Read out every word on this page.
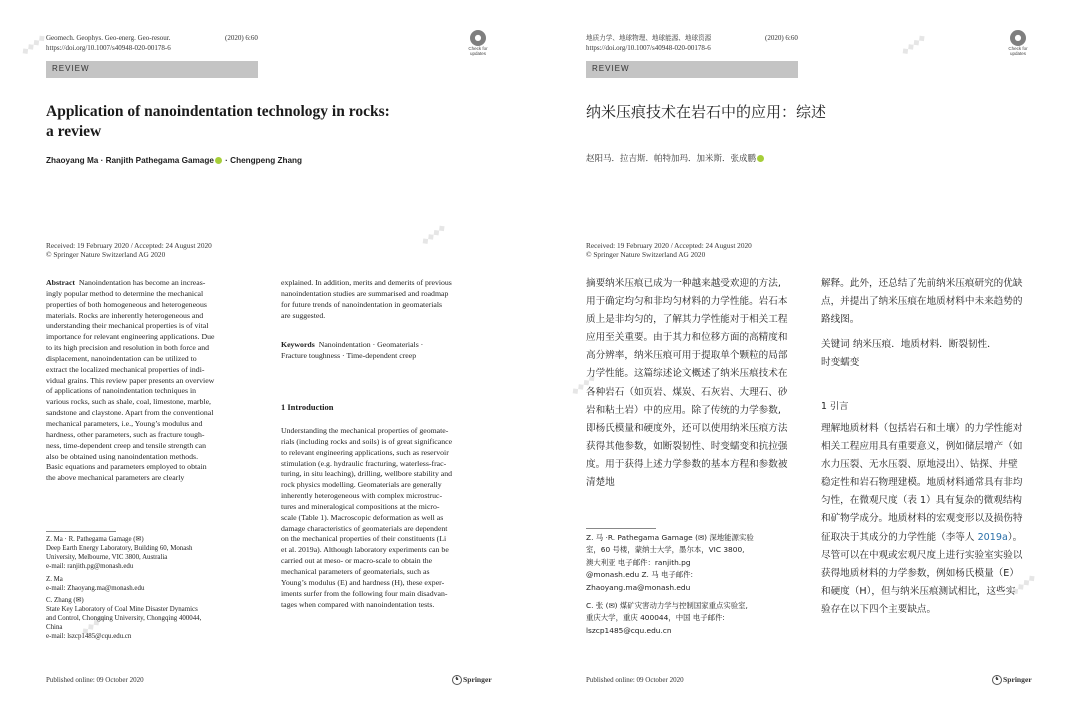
◆◆◆◆
◆◆◆◆
◆◆◆◆
Geomech. Geophys. Geo-energ. Geo-resour.	(2020) 6:60
https://doi.org/10.1007/s40948-020-00178-6
●
Check for
updates
REVIEW
Application of nanoindentation technology in rocks:
a review
Zhaoyang Ma · Ranjith Pathegama Gamage · Chengpeng Zhang
Received: 19 February 2020 / Accepted: 24 August 2020
© Springer Nature Switzerland AG 2020
Abstract Nanoindentation has become an increas-
ingly popular method to determine the mechanical
properties of both homogeneous and heterogeneous
materials. Rocks are inherently heterogeneous and
understanding their mechanical properties is of vital
importance for relevant engineering applications. Due
to its high precision and resolution in both force and
displacement, nanoindentation can be utilized to
extract the localized mechanical properties of indi-
vidual grains. This review paper presents an overview
of applications of nanoindentation techniques in
various rocks, such as shale, coal, limestone, marble,
sandstone and claystone. Apart from the conventional
mechanical parameters, i.e., Young’s modulus and
hardness, other parameters, such as fracture tough-
ness, time-dependent creep and tensile strength can
also be obtained using nanoindentation methods.
Basic equations and parameters employed to obtain
the above mechanical parameters are clearly
explained. In addition, merits and demerits of previous
nanoindentation studies are summarised and roadmap
for future trends of nanoindentation in geomaterials
are suggested.
Keywords Nanoindentation · Geomaterials ·
Fracture toughness · Time-dependent creep
1 Introduction
Understanding the mechanical properties of geomate-
rials (including rocks and soils) is of great significance
to relevant engineering applications, such as reservoir
stimulation (e.g. hydraulic fracturing, waterless-frac-
turing, in situ leaching), drilling, wellbore stability and
rock physics modelling. Geomaterials are generally
inherently heterogeneous with complex microstruc-
tures and mineralogical compositions at the micro-
scale (Table 1). Macroscopic deformation as well as
damage characteristics of geomaterials are dependent
on the mechanical properties of their constituents (Li
et al. 2019a). Although laboratory experiments can be
carried out at meso- or macro-scale to obtain the
mechanical parameters of geomaterials, such as
Young’s modulus (E) and hardness (H), these exper-
iments surfer from the following four main disadvan-
tages when compared with nanoindentation tests.
Z. Ma · R. Pathegama Gamage (✉)
Deep Earth Energy Laboratory, Building 60, Monash
University, Melbourne, VIC 3800, Australia
e-mail: ranjith.pg@monash.edu
Z. Ma
e-mail: Zhaoyang.ma@monash.edu
C. Zhang (✉)
State Key Laboratory of Coal Mine Disaster Dynamics
and Control, Chongqing University, Chongqing 400044,
China
e-mail: lszcp1485@cqu.edu.cn
Published online: 09 October 2020	♞ Springer
◆◆◆◆
◆◆◆◆
◆◆◆◆
地质力学、地球物理、地球能源、地球资源	(2020) 6:60
https://doi.org/10.1007/s40948-020-00178-6
●
Check for
updates
REVIEW
纳米压痕技术在岩石中的应用：综述
赵阳马．拉吉斯．帕特加玛．加米斯．张成鹏
Received: 19 February 2020 / Accepted: 24 August 2020
© Springer Nature Switzerland AG 2020
摘要纳米压痕已成为一种越来越受欢迎的方法,
用于确定均匀和非均匀材料的力学性能。岩石本
质上是非均匀的，了解其力学性能对于相关工程
应用至关重要。由于其力和位移方面的高精度和
高分辨率，纳米压痕可用于提取单个颗粒的局部
力学性能。这篇综述论文概述了纳米压痕技术在
各种岩石（如页岩、煤炭、石灰岩、大理石、砂
岩和粘土岩）中的应用。除了传统的力学参数,
即杨氏模量和硬度外，还可以使用纳米压痕方法
获得其他参数，如断裂韧性、时变蠕变和抗拉强
度。用于获得上述力学参数的基本方程和参数被
清楚地
解释。此外，还总结了先前纳米压痕研究的优缺
点，并提出了纳米压痕在地质材料中未来趋势的
路线图。
关键词 纳米压痕．地质材料．断裂韧性．
时变蠕变
1 引言
理解地质材料（包括岩石和土壤）的力学性能对
相关工程应用具有重要意义，例如储层增产（如
水力压裂、无水压裂、原地浸出）、钻探、井壁
稳定性和岩石物理建模。地质材料通常具有非均
匀性，在微观尺度（表 1）具有复杂的微观结构
和矿物学成分。地质材料的宏观变形以及损伤特
征取决于其成分的力学性能（李等人 2019a）。
尽管可以在中观或宏观尺度上进行实验室实验以
获得地质材料的力学参数，例如杨氏模量（E）
和硬度（H），但与纳米压痕测试相比，这些实
验存在以下四个主要缺点。
Z. 马 ·R. Pathegama Gamage (✉) 深地能源实验
室，60 号楼，蒙纳士大学，墨尔本，VIC 3800,
澳大利亚 电子邮件：ranjith.pg
@monash.edu Z. 马 电子邮件:
Zhaoyang.ma@monash.edu
C. 张 (✉) 煤矿灾害动力学与控制国家重点实验室,
重庆大学，重庆 400044，中国 电子邮件:
lszcp1485@cqu.edu.cn
Published online: 09 October 2020	♞ Springer
